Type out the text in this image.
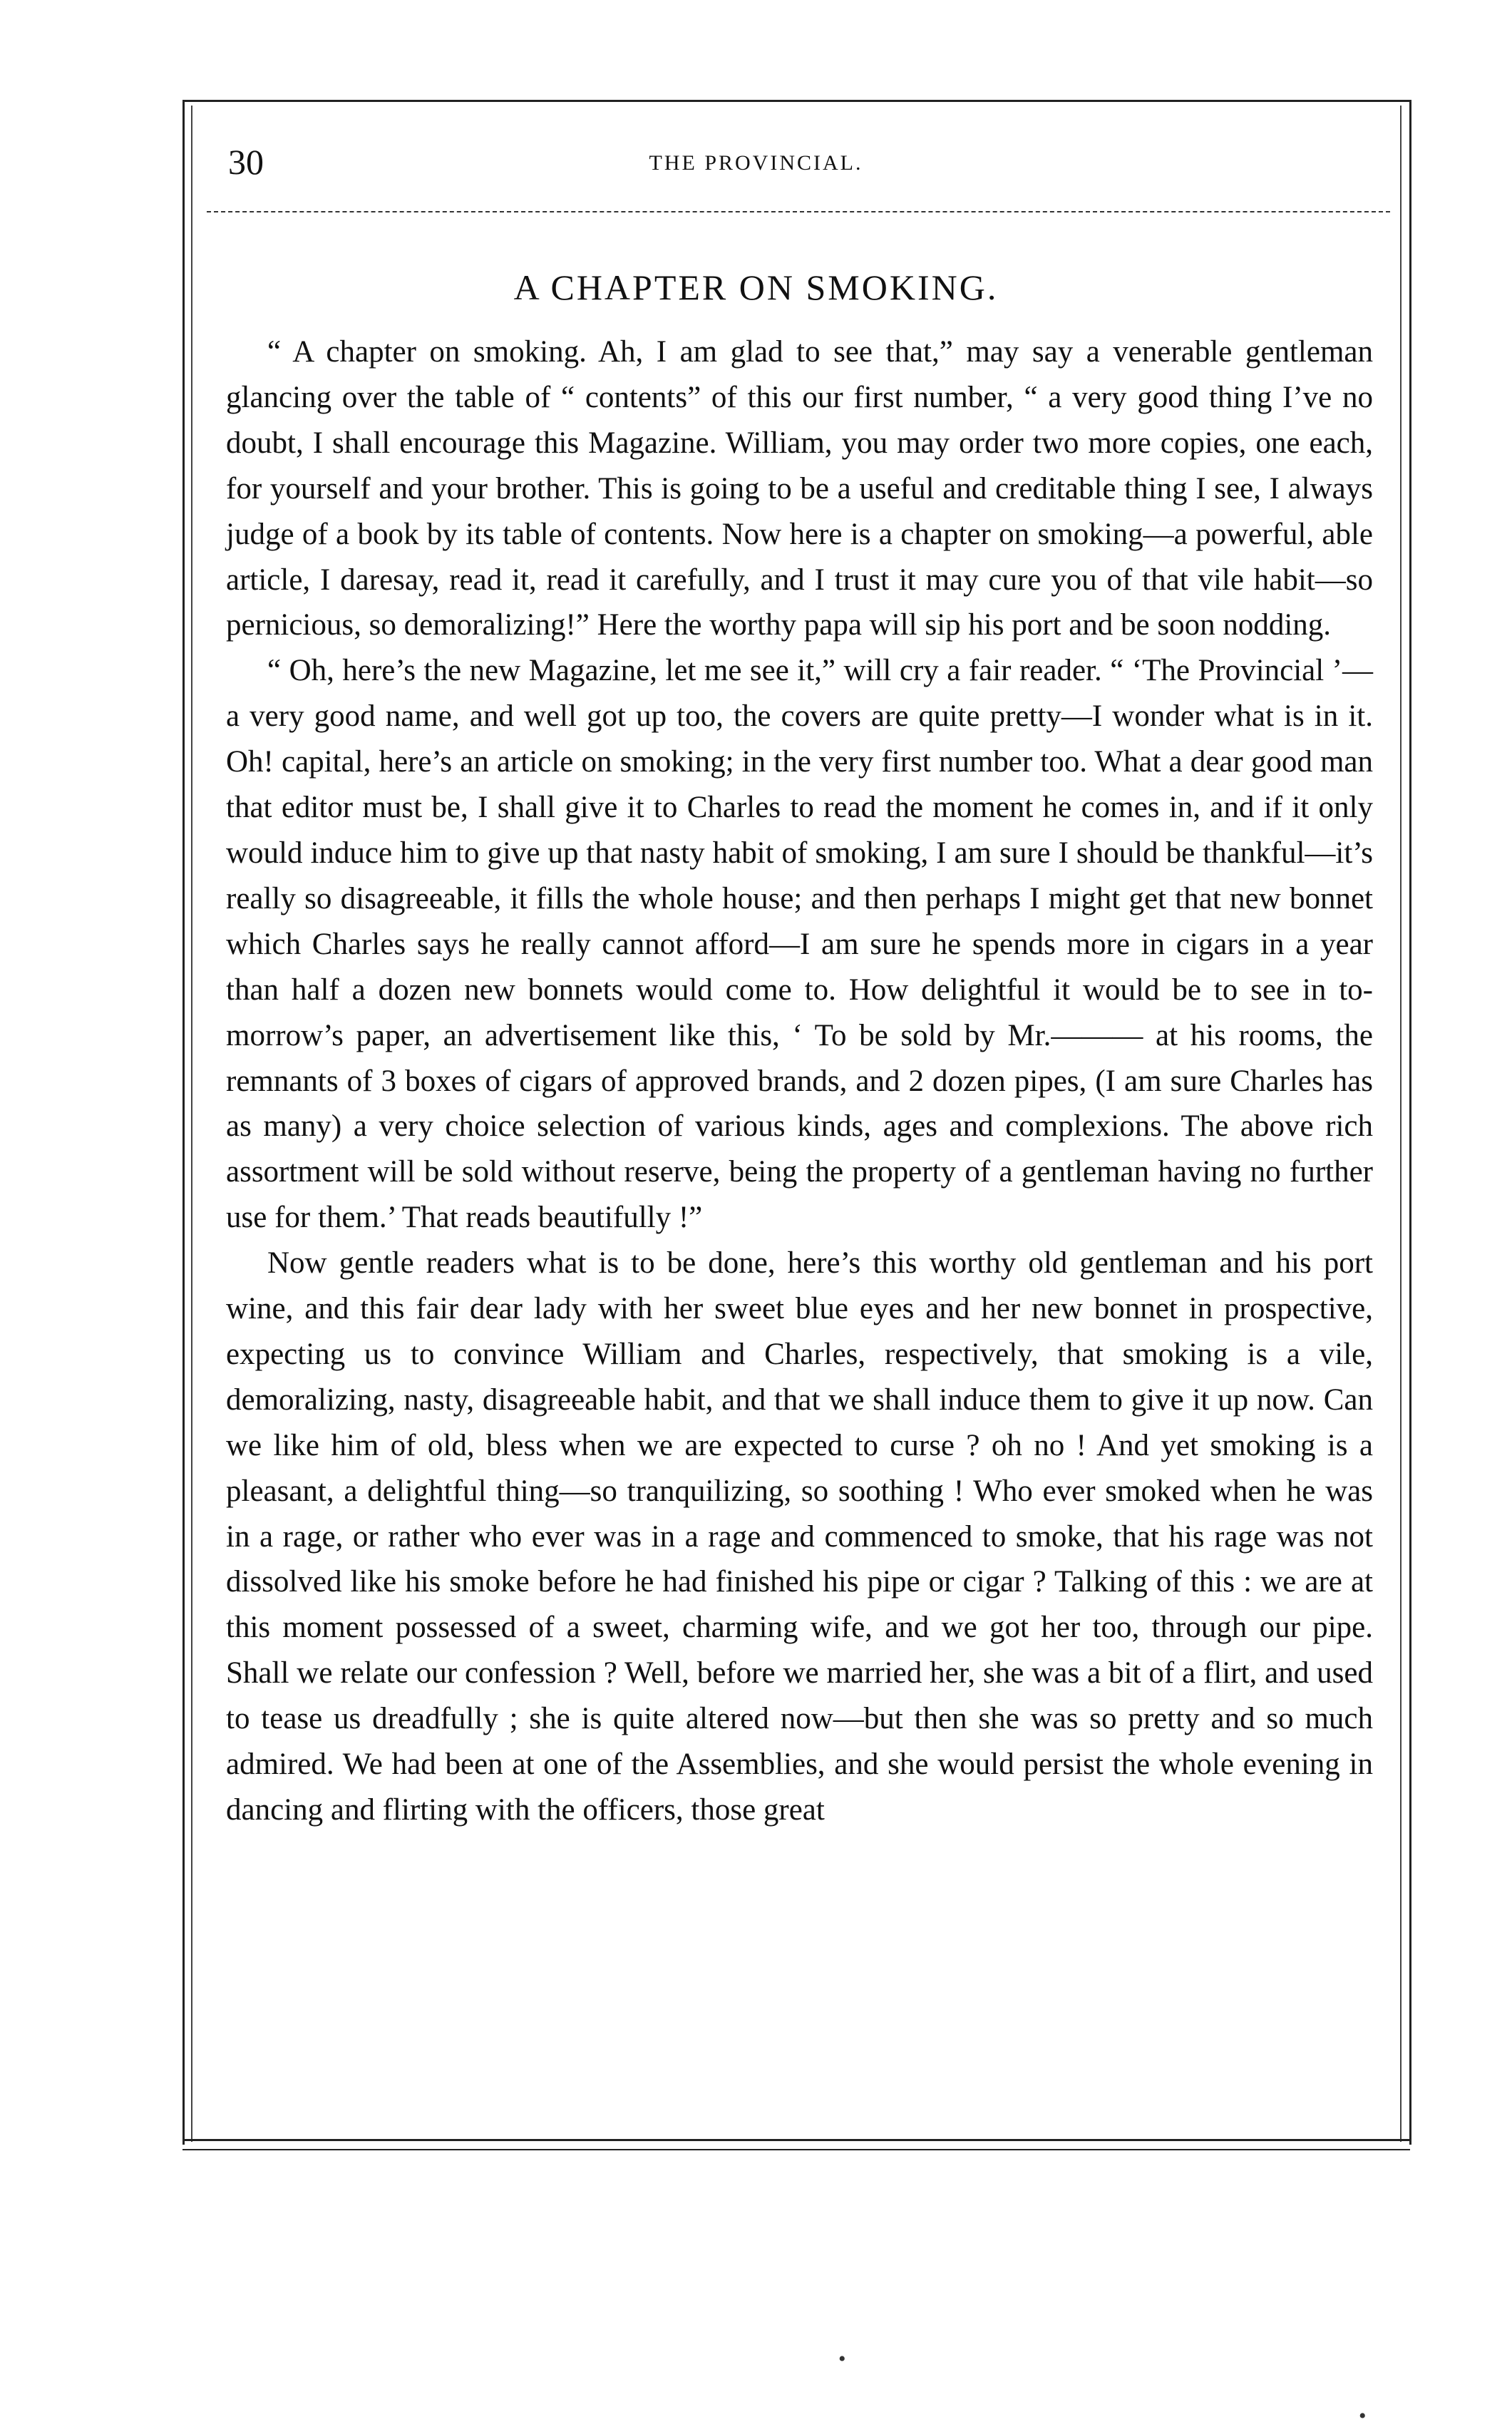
30	THE PROVINCIAL.
A CHAPTER ON SMOKING.

“ A chapter on smoking. Ah, I am glad to see that,” may say a venerable gentleman glancing over the table of “ contents” of this our first number, “ a very good thing I’ve no doubt, I shall encourage this Magazine. William, you may order two more copies, one each, for yourself and your brother. This is going to be a useful and creditable thing I see, I always judge of a book by its table of contents. Now here is a chapter on smoking—a powerful, able article, I daresay, read it, read it carefully, and I trust it may cure you of that vile habit—so pernicious, so demoralizing!” Here the worthy papa will sip his port and be soon nodding.

“ Oh, here’s the new Magazine, let me see it,” will cry a fair reader. “ ‘The Provincial ’—a very good name, and well got up too, the covers are quite pretty—I wonder what is in it. Oh! capital, here’s an article on smoking; in the very first number too. What a dear good man that editor must be, I shall give it to Charles to read the moment he comes in, and if it only would induce him to give up that nasty habit of smoking, I am sure I should be thankful—it’s really so disagreeable, it fills the whole house; and then perhaps I might get that new bonnet which Charles says he really cannot afford—I am sure he spends more in cigars in a year than half a dozen new bonnets would come to. How delightful it would be to see in to-morrow’s paper, an advertisement like this, ‘ To be sold by Mr.——— at his rooms, the remnants of 3 boxes of cigars of approved brands, and 2 dozen pipes, (I am sure Charles has as many) a very choice selection of various kinds, ages and complexions. The above rich assortment will be sold without reserve, being the property of a gentleman having no further use for them.’ That reads beautifully !”

Now gentle readers what is to be done, here’s this worthy old gentleman and his port wine, and this fair dear lady with her sweet blue eyes and her new bonnet in prospective, expecting us to convince William and Charles, respectively, that smoking is a vile, demoralizing, nasty, disagreeable habit, and that we shall induce them to give it up now. Can we like him of old, bless when we are expected to curse ? oh no ! And yet smoking is a pleasant, a delightful thing—so tranquilizing, so soothing ! Who ever smoked when he was in a rage, or rather who ever was in a rage and commenced to smoke, that his rage was not dissolved like his smoke before he had finished his pipe or cigar ? Talking of this : we are at this moment possessed of a sweet, charming wife, and we got her too, through our pipe. Shall we relate our confession ? Well, before we married her, she was a bit of a flirt, and used to tease us dreadfully ; she is quite altered now—but then she was so pretty and so much admired. We had been at one of the Assemblies, and she would persist the whole evening in dancing and flirting with the officers, those great

•
•
